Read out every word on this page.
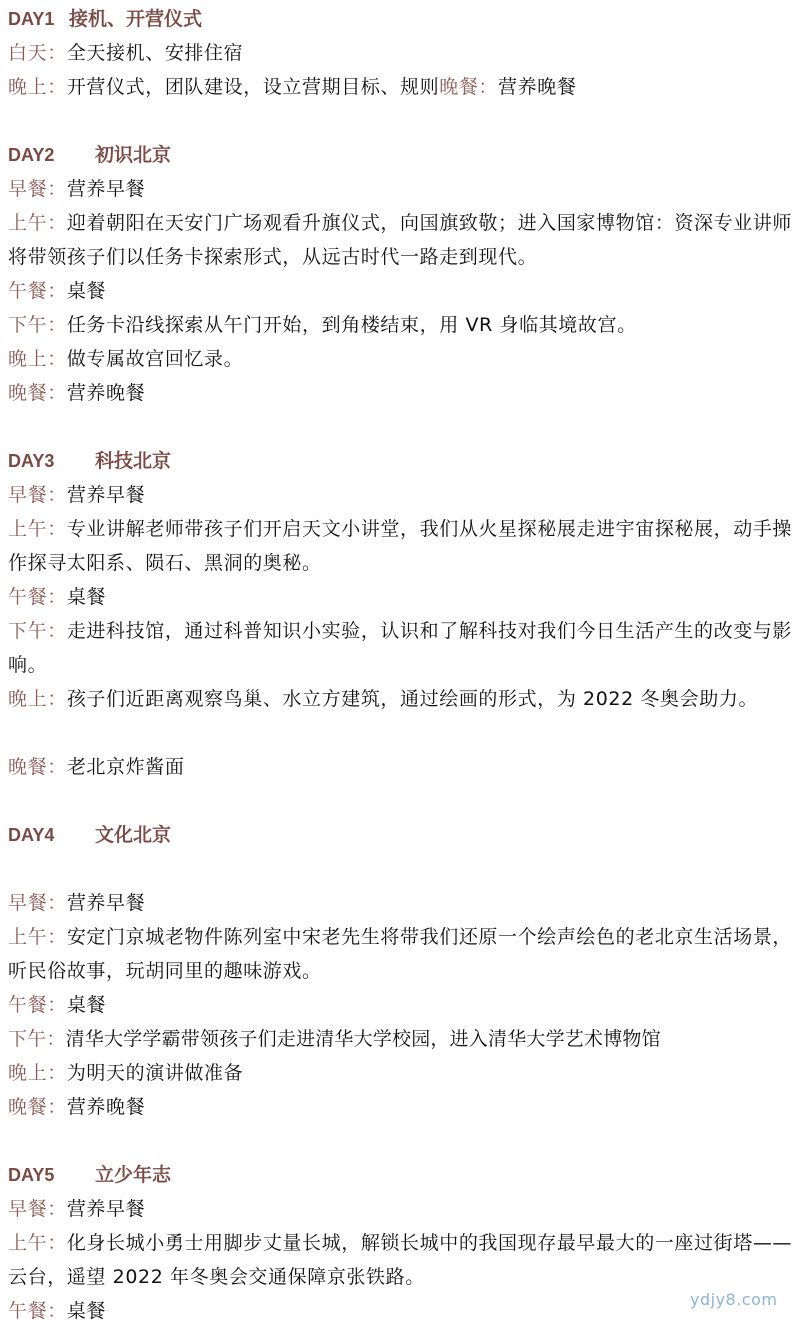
DAY1 接机、开营仪式
白天：全天接机、安排住宿
晚上：开营仪式，团队建设，设立营期目标、规则晚餐：营养晚餐
DAY2 初识北京
早餐：营养早餐
上午：迎着朝阳在天安门广场观看升旗仪式，向国旗致敬；进入国家博物馆：资深专业讲师将带领孩子们以任务卡探索形式，从远古时代一路走到现代。
午餐：桌餐
下午：任务卡沿线探索从午门开始，到角楼结束，用 VR 身临其境故宫。
晚上：做专属故宫回忆录。
晚餐：营养晚餐
DAY3 科技北京
早餐：营养早餐
上午：专业讲解老师带孩子们开启天文小讲堂，我们从火星探秘展走进宇宙探秘展，动手操作探寻太阳系、陨石、黑洞的奥秘。
午餐：桌餐
下午：走进科技馆，通过科普知识小实验，认识和了解科技对我们今日生活产生的改变与影响。
晚上：孩子们近距离观察鸟巢、水立方建筑，通过绘画的形式，为 2022 冬奥会助力。
晚餐：老北京炸酱面
DAY4 文化北京
早餐：营养早餐
上午：安定门京城老物件陈列室中宋老先生将带我们还原一个绘声绘色的老北京生活场景，听民俗故事，玩胡同里的趣味游戏。
午餐：桌餐
下午：清华大学学霸带领孩子们走进清华大学校园，进入清华大学艺术博物馆
晚上：为明天的演讲做准备
晚餐：营养晚餐
DAY5 立少年志
早餐：营养早餐
上午：化身长城小勇士用脚步丈量长城，解锁长城中的我国现存最早最大的一座过街塔——云台，遥望 2022 年冬奥会交通保障京张铁路。
午餐：桌餐
ydjy8.com
